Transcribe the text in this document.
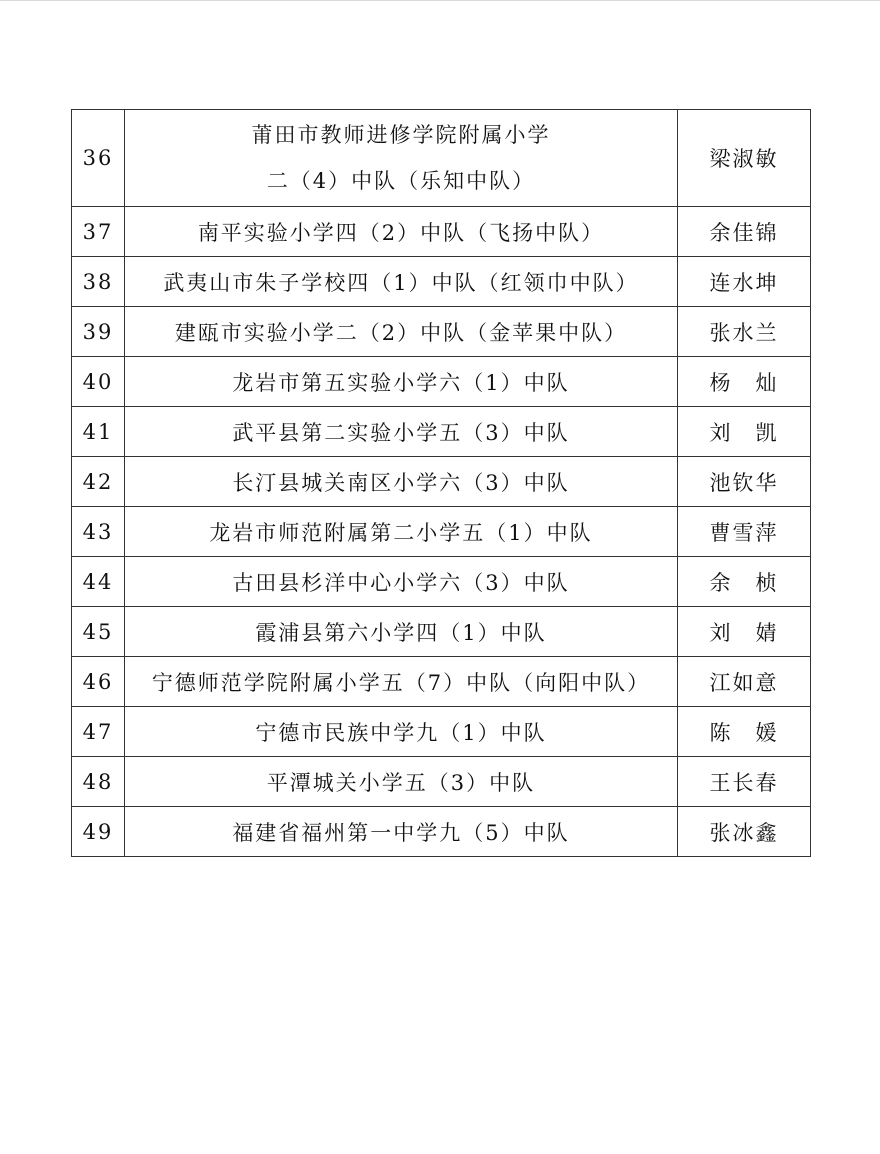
36	莆田市教师进修学院附属小学
二（4）中队（乐知中队）	梁淑敏
37	南平实验小学四（2）中队（飞扬中队）	余佳锦
38	武夷山市朱子学校四（1）中队（红领巾中队）	连水坤
39	建瓯市实验小学二（2）中队（金苹果中队）	张水兰
40	龙岩市第五实验小学六（1）中队	杨　灿
41	武平县第二实验小学五（3）中队	刘　凯
42	长汀县城关南区小学六（3）中队	池钦华
43	龙岩市师范附属第二小学五（1）中队	曹雪萍
44	古田县杉洋中心小学六（3）中队	余　桢
45	霞浦县第六小学四（1）中队	刘　婧
46	宁德师范学院附属小学五（7）中队（向阳中队）	江如意
47	宁德市民族中学九（1）中队	陈　媛
48	平潭城关小学五（3）中队	王长春
49	福建省福州第一中学九（5）中队	张冰鑫
